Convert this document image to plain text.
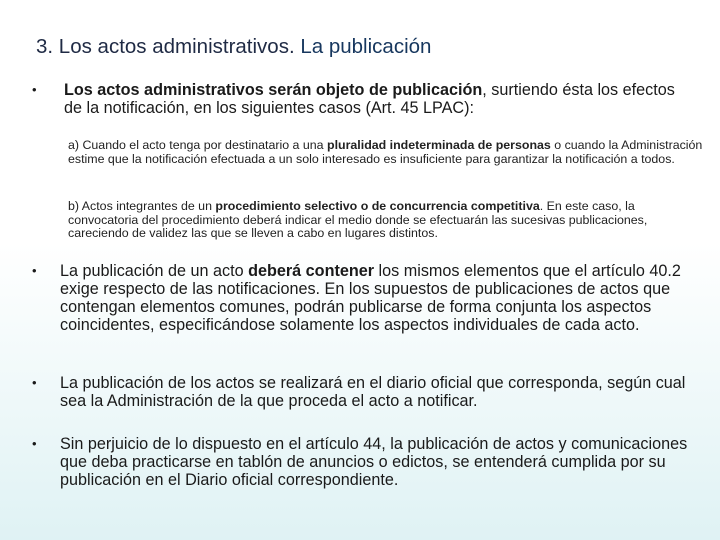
3. Los actos administrativos. La publicación
•	Los actos administrativos serán objeto de publicación, surtiendo ésta los efectos de la notificación, en los siguientes casos (Art. 45 LPAC):
a) Cuando el acto tenga por destinatario a una pluralidad indeterminada de personas o cuando la Administración estime que la notificación efectuada a un solo interesado es insuficiente para garantizar la notificación a todos.
b) Actos integrantes de un procedimiento selectivo o de concurrencia competitiva. En este caso, la convocatoria del procedimiento deberá indicar el medio donde se efectuarán las sucesivas publicaciones, careciendo de validez las que se lleven a cabo en lugares distintos.
•	La publicación de un acto deberá contener los mismos elementos que el artículo 40.2 exige respecto de las notificaciones. En los supuestos de publicaciones de actos que contengan elementos comunes, podrán publicarse de forma conjunta los aspectos coincidentes, especificándose solamente los aspectos individuales de cada acto.
•	La publicación de los actos se realizará en el diario oficial que corresponda, según cual sea la Administración de la que proceda el acto a notificar.
•	Sin perjuicio de lo dispuesto en el artículo 44, la publicación de actos y comunicaciones que deba practicarse en tablón de anuncios o edictos, se entenderá cumplida por su publicación en el Diario oficial correspondiente.
